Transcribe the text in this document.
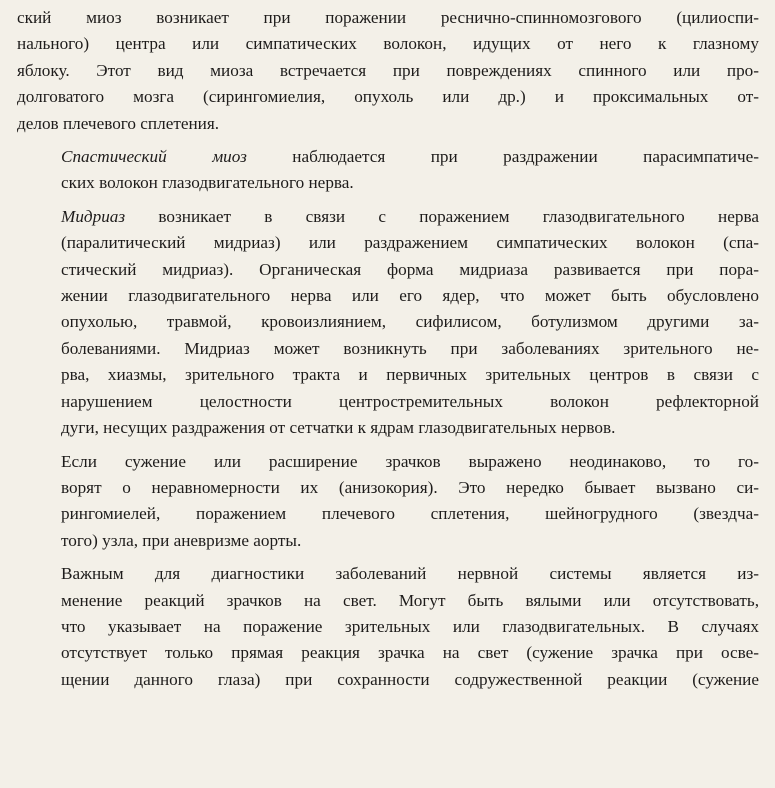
ский миоз возникает при поражении реснично-спинномозгового (цилиоспи-
нального) центра или симпатических волокон, идущих от него к глазному
яблоку. Этот вид миоза встречается при повреждениях спинного или про-
долговатого мозга (сирингомиелия, опухоль или др.) и проксимальных от-
делов плечевого сплетения.

Спастический миоз наблюдается при раздражении парасимпатиче-
ских волокон глазодвигательного нерва.

Мидриаз возникает в связи с поражением глазодвигательного нерва
(паралитический мидриаз) или раздражением симпатических волокон (спа-
стический мидриаз). Органическая форма мидриаза развивается при пора-
жении глазодвигательного нерва или его ядер, что может быть обусловлено
опухолью, травмой, кровоизлиянием, сифилисом, ботулизмом другими за-
болеваниями. Мидриаз может возникнуть при заболеваниях зрительного не-
рва, хиазмы, зрительного тракта и первичных зрительных центров в связи с
нарушением целостности центростремительных волокон рефлекторной
дуги, несущих раздражения от сетчатки к ядрам глазодвигательных нервов.

Если сужение или расширение зрачков выражено неодинаково, то го-
ворят о неравномерности их (анизокория). Это нередко бывает вызвано си-
рингомиелей, поражением плечевого сплетения, шейногрудного (звездча-
того) узла, при аневризме аорты.

Важным для диагностики заболеваний нервной системы является из-
менение реакций зрачков на свет. Могут быть вялыми или отсутствовать,
что указывает на поражение зрительных или глазодвигательных. В случаях
отсутствует только прямая реакция зрачка на свет (сужение зрачка при осве-
щении данного глаза) при сохранности содружественной реакции (сужение
